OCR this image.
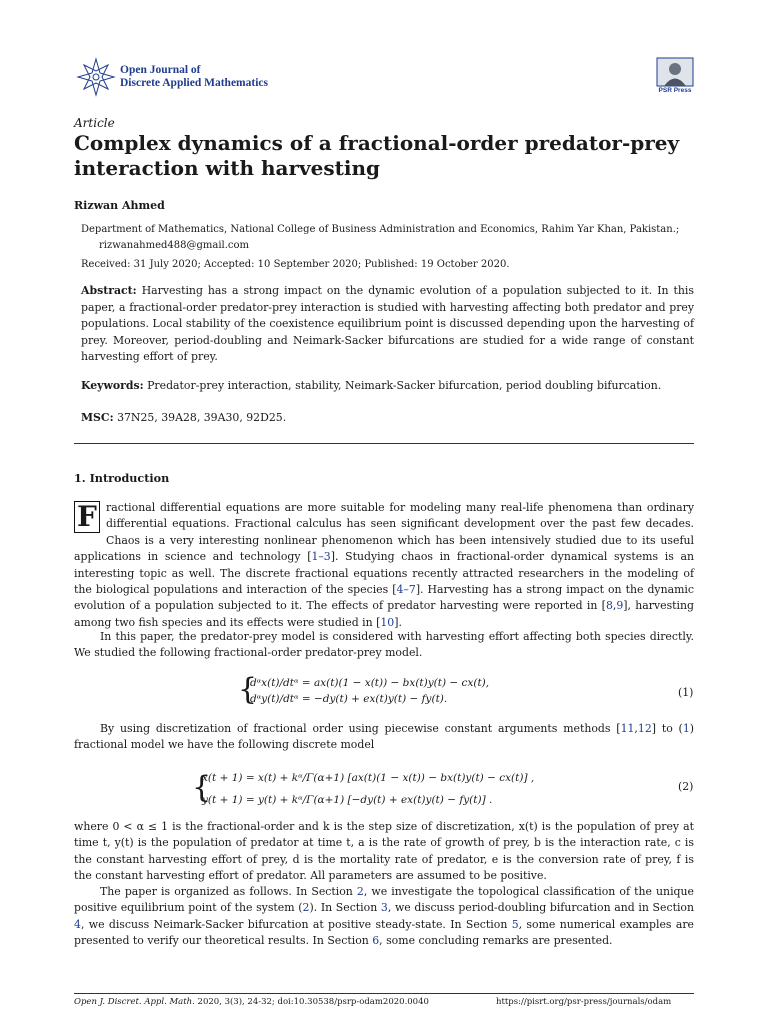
Open Journal of
Discrete Applied Mathematics
PSR Press
Article
Complex dynamics of a fractional-order predator-prey interaction with harvesting
Rizwan Ahmed
Department of Mathematics, National College of Business Administration and Economics, Rahim Yar Khan, Pakistan.;
rizwanahmed488@gmail.com
Received: 31 July 2020; Accepted: 10 September 2020; Published: 19 October 2020.
Abstract: Harvesting has a strong impact on the dynamic evolution of a population subjected to it. In this paper, a fractional-order predator-prey interaction is studied with harvesting affecting both predator and prey populations. Local stability of the coexistence equilibrium point is discussed depending upon the harvesting of prey. Moreover, period-doubling and Neimark-Sacker bifurcations are studied for a wide range of constant harvesting effort of prey.
Keywords: Predator-prey interaction, stability, Neimark-Sacker bifurcation, period doubling bifurcation.
MSC: 37N25, 39A28, 39A30, 92D25.
1. Introduction
F ractional differential equations are more suitable for modeling many real-life phenomena than ordinary differential equations. Fractional calculus has seen significant development over the past few decades. Chaos is a very interesting nonlinear phenomenon which has been intensively studied due to its useful applications in science and technology [1–3]. Studying chaos in fractional-order dynamical systems is an interesting topic as well. The discrete fractional equations recently attracted researchers in the modeling of the biological populations and interaction of the species [4–7]. Harvesting has a strong impact on the dynamic evolution of a population subjected to it. The effects of predator harvesting were reported in [8,9], harvesting among two fish species and its effects were studied in [10].
In this paper, the predator-prey model is considered with harvesting effort affecting both species directly. We studied the following fractional-order predator-prey model.
{
dᵅx(t)/dtᵅ = ax(t)(1 − x(t)) − bx(t)y(t) − cx(t),
dᵅy(t)/dtᵅ = −dy(t) + ex(t)y(t) − fy(t).	(1)
By using discretization of fractional order using piecewise constant arguments methods [11,12] to (1) fractional model we have the following discrete model
{
x(t + 1) = x(t) + kᵅ/Γ(α+1) [ax(t)(1 − x(t)) − bx(t)y(t) − cx(t)] ,
y(t + 1) = y(t) + kᵅ/Γ(α+1) [−dy(t) + ex(t)y(t) − fy(t)] .
(2)
where 0 < α ≤ 1 is the fractional-order and k is the step size of discretization, x(t) is the population of prey at time t, y(t) is the population of predator at time t, a is the rate of growth of prey, b is the interaction rate, c is the constant harvesting effort of prey, d is the mortality rate of predator, e is the conversion rate of prey, f is the constant harvesting effort of predator. All parameters are assumed to be positive.
The paper is organized as follows. In Section 2, we investigate the topological classification of the unique positive equilibrium point of the system (2). In Section 3, we discuss period-doubling bifurcation and in Section 4, we discuss Neimark-Sacker bifurcation at positive steady-state. In Section 5, some numerical examples are presented to verify our theoretical results. In Section 6, some concluding remarks are presented.
Open J. Discret. Appl. Math. 2020, 3(3), 24-32; doi:10.30538/psrp-odam2020.0040	https://pisrt.org/psr-press/journals/odam
